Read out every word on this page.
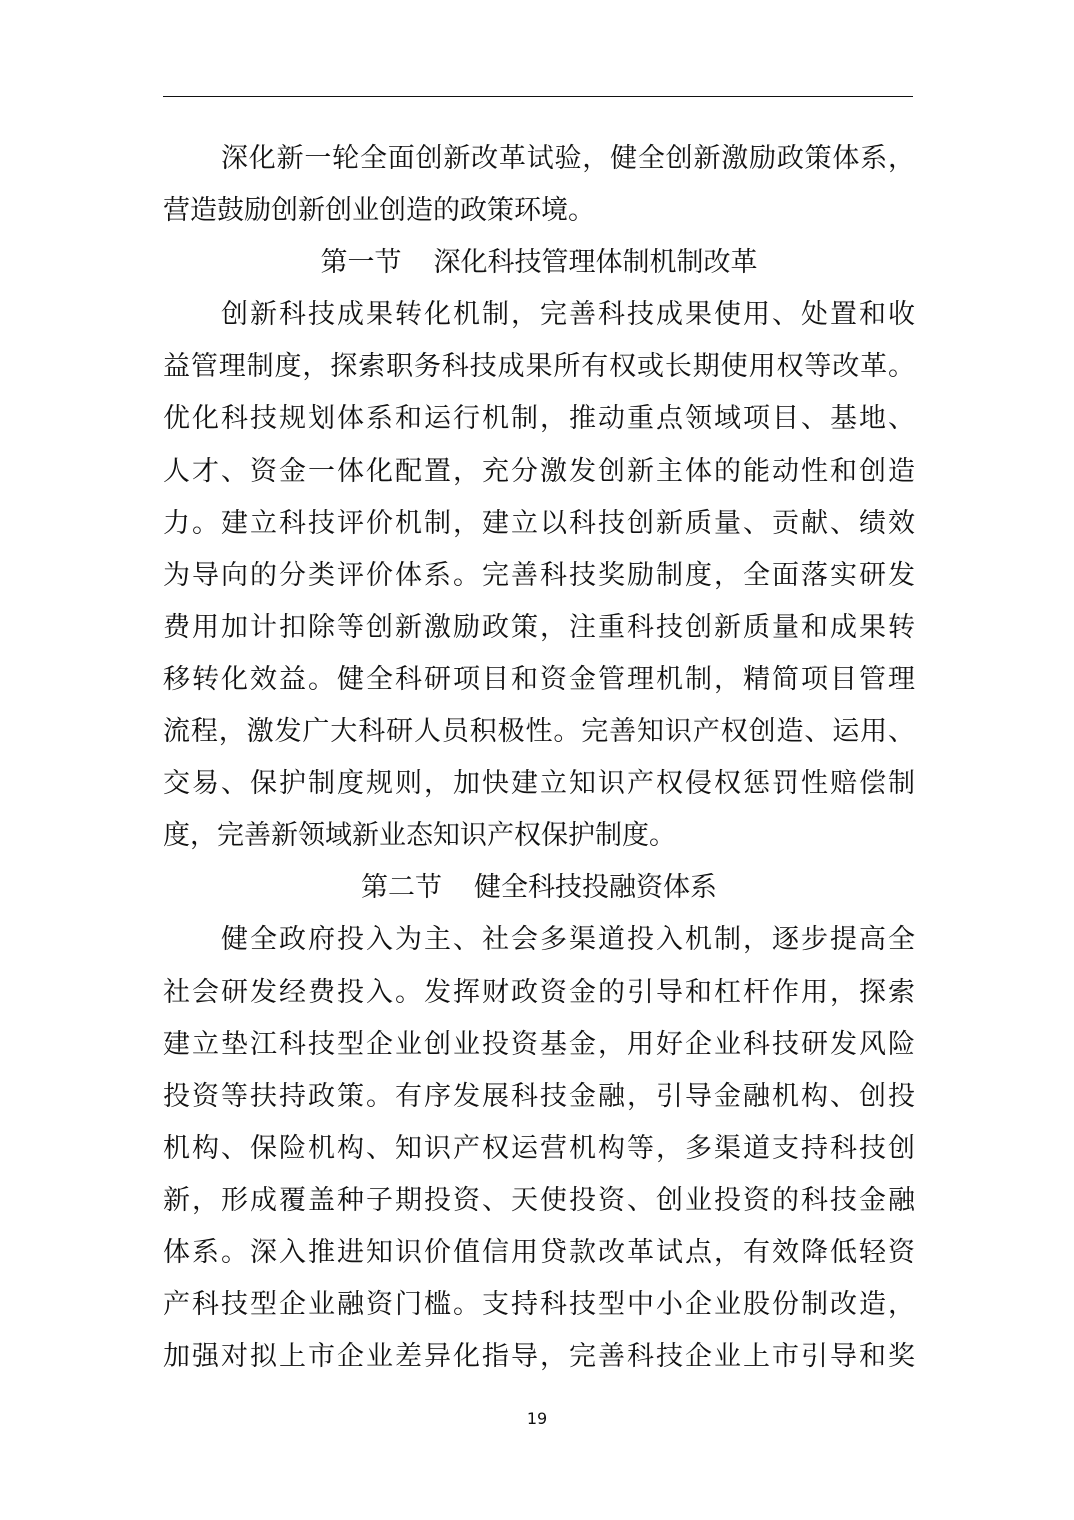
深化新一轮全面创新改革试验，健全创新激励政策体系，
营造鼓励创新创业创造的政策环境。
第一节 深化科技管理体制机制改革
创新科技成果转化机制，完善科技成果使用、处置和收
益管理制度，探索职务科技成果所有权或长期使用权等改革。
优化科技规划体系和运行机制，推动重点领域项目、基地、
人才、资金一体化配置，充分激发创新主体的能动性和创造
力。建立科技评价机制，建立以科技创新质量、贡献、绩效
为导向的分类评价体系。完善科技奖励制度，全面落实研发
费用加计扣除等创新激励政策，注重科技创新质量和成果转
移转化效益。健全科研项目和资金管理机制，精简项目管理
流程，激发广大科研人员积极性。完善知识产权创造、运用、
交易、保护制度规则，加快建立知识产权侵权惩罚性赔偿制
度，完善新领域新业态知识产权保护制度。
第二节 健全科技投融资体系
健全政府投入为主、社会多渠道投入机制，逐步提高全
社会研发经费投入。发挥财政资金的引导和杠杆作用，探索
建立垫江科技型企业创业投资基金，用好企业科技研发风险
投资等扶持政策。有序发展科技金融，引导金融机构、创投
机构、保险机构、知识产权运营机构等，多渠道支持科技创
新，形成覆盖种子期投资、天使投资、创业投资的科技金融
体系。深入推进知识价值信用贷款改革试点，有效降低轻资
产科技型企业融资门槛。支持科技型中小企业股份制改造，
加强对拟上市企业差异化指导，完善科技企业上市引导和奖
19
